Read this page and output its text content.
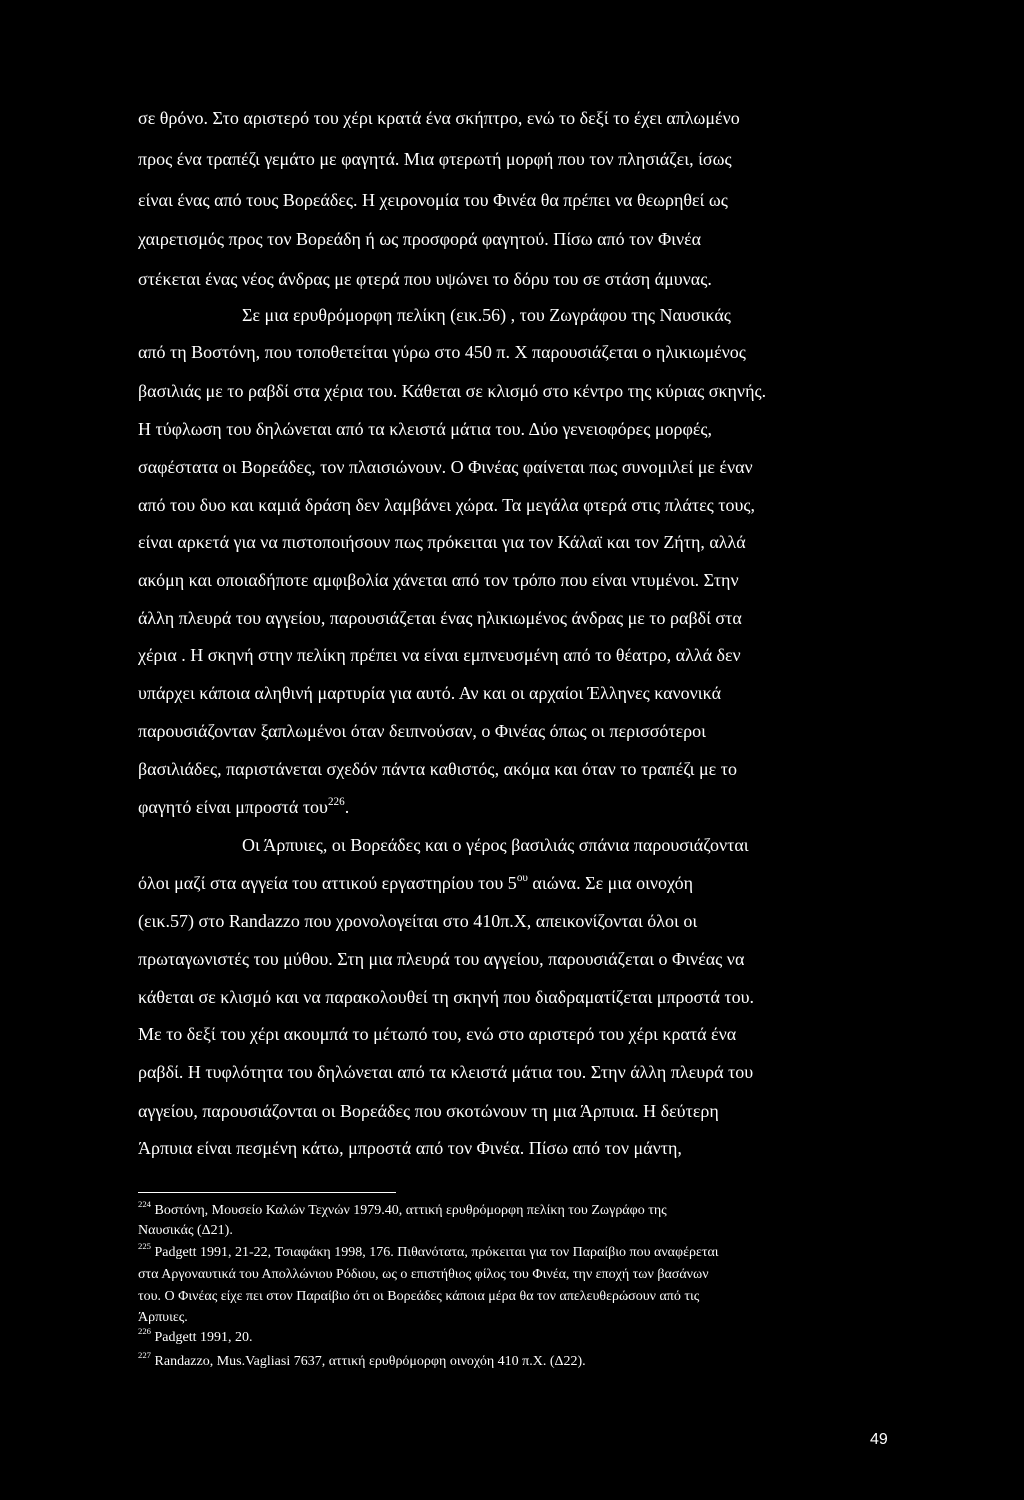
σε θρόνο. Στο αριστερό του χέρι κρατά ένα σκήπτρο, ενώ το δεξί το έχει απλωμένο
προς ένα τραπέζι γεμάτο με φαγητά. Μια φτερωτή μορφή που τον πλησιάζει, ίσως
είναι ένας από τους Βορεάδες. Η χειρονομία του Φινέα θα πρέπει να θεωρηθεί ως
χαιρετισμός προς τον Βορεάδη ή ως προσφορά φαγητού. Πίσω από τον Φινέα
στέκεται ένας νέος άνδρας με φτερά που υψώνει το δόρυ του σε στάση άμυνας.
Σε μια ερυθρόμορφη πελίκη (εικ.56) , του Ζωγράφου της Ναυσικάς
από τη Βοστόνη, που τοποθετείται γύρω στο 450 π. Χ παρουσιάζεται ο ηλικιωμένος
βασιλιάς με το ραβδί στα χέρια του. Κάθεται σε κλισμό στο κέντρο της κύριας σκηνής.
Η τύφλωση του δηλώνεται από τα κλειστά μάτια του. Δύο γενειοφόρες μορφές,
σαφέστατα οι Βορεάδες, τον πλαισιώνουν. Ο Φινέας φαίνεται πως συνομιλεί με έναν
από του δυο και καμιά δράση δεν λαμβάνει χώρα. Τα μεγάλα φτερά στις πλάτες τους,
είναι αρκετά για να πιστοποιήσουν πως πρόκειται για τον Κάλαϊ και τον Ζήτη, αλλά
ακόμη και οποιαδήποτε αμφιβολία χάνεται από τον τρόπο που είναι ντυμένοι. Στην
άλλη πλευρά του αγγείου, παρουσιάζεται ένας ηλικιωμένος άνδρας με το ραβδί στα
χέρια . Η σκηνή στην πελίκη πρέπει να είναι εμπνευσμένη από το θέατρο, αλλά δεν
υπάρχει κάποια αληθινή μαρτυρία για αυτό. Αν και οι αρχαίοι Έλληνες κανονικά
παρουσιάζονταν ξαπλωμένοι όταν δειπνούσαν, ο Φινέας όπως οι περισσότεροι
βασιλιάδες, παριστάνεται σχεδόν πάντα καθιστός, ακόμα και όταν το τραπέζι με το
φαγητό είναι μπροστά του$^{226}$.
Οι Άρπυιες, οι Βορεάδες και ο γέρος βασιλιάς σπάνια παρουσιάζονται
όλοι μαζί στα αγγεία του αττικού εργαστηρίου του $5^{o\upsilon}$ αιώνα. Σε μια οινοχόη
(εικ.57) στο Randazzo που χρονολογείται στο 410π.Χ, απεικονίζονται όλοι οι
πρωταγωνιστές του μύθου. Στη μια πλευρά του αγγείου, παρουσιάζεται ο Φινέας να
κάθεται σε κλισμό και να παρακολουθεί τη σκηνή που διαδραματίζεται μπροστά του.
Με το δεξί του χέρι ακουμπά το μέτωπό του, ενώ στο αριστερό του χέρι κρατά ένα
ραβδί. Η τυφλότητα του δηλώνεται από τα κλειστά μάτια του. Στην άλλη πλευρά του
αγγείου, παρουσιάζονται οι Βορεάδες που σκοτώνουν τη μια Άρπυια. Η δεύτερη
Άρπυια είναι πεσμένη κάτω, μπροστά από τον Φινέα. Πίσω από τον μάντη,
$^{224}$ Βοστόνη, Μουσείο Καλών Τεχνών 1979.40, αττική ερυθρόμορφη πελίκη του Ζωγράφο της
Ναυσικάς (Δ21).
$^{225}$ Padgett 1991, 21-22, Τσιαφάκη 1998, 176. Πιθανότατα, πρόκειται για τον Παραίβιο που αναφέρεται
στα Αργοναυτικά του Απολλώνιου Ρόδιου, ως ο επιστήθιος φίλος του Φινέα, την εποχή των βασάνων
του. Ο Φινέας είχε πει στον Παραίβιο ότι οι Βορεάδες κάποια μέρα θα τον απελευθερώσουν από τις
Άρπυιες.
$^{226}$ Padgett 1991, 20.
$^{227}$ Randazzo, Mus.Vagliasi 7637, αττική ερυθρόμορφη οινοχόη 410 π.Χ. (Δ22).
49
